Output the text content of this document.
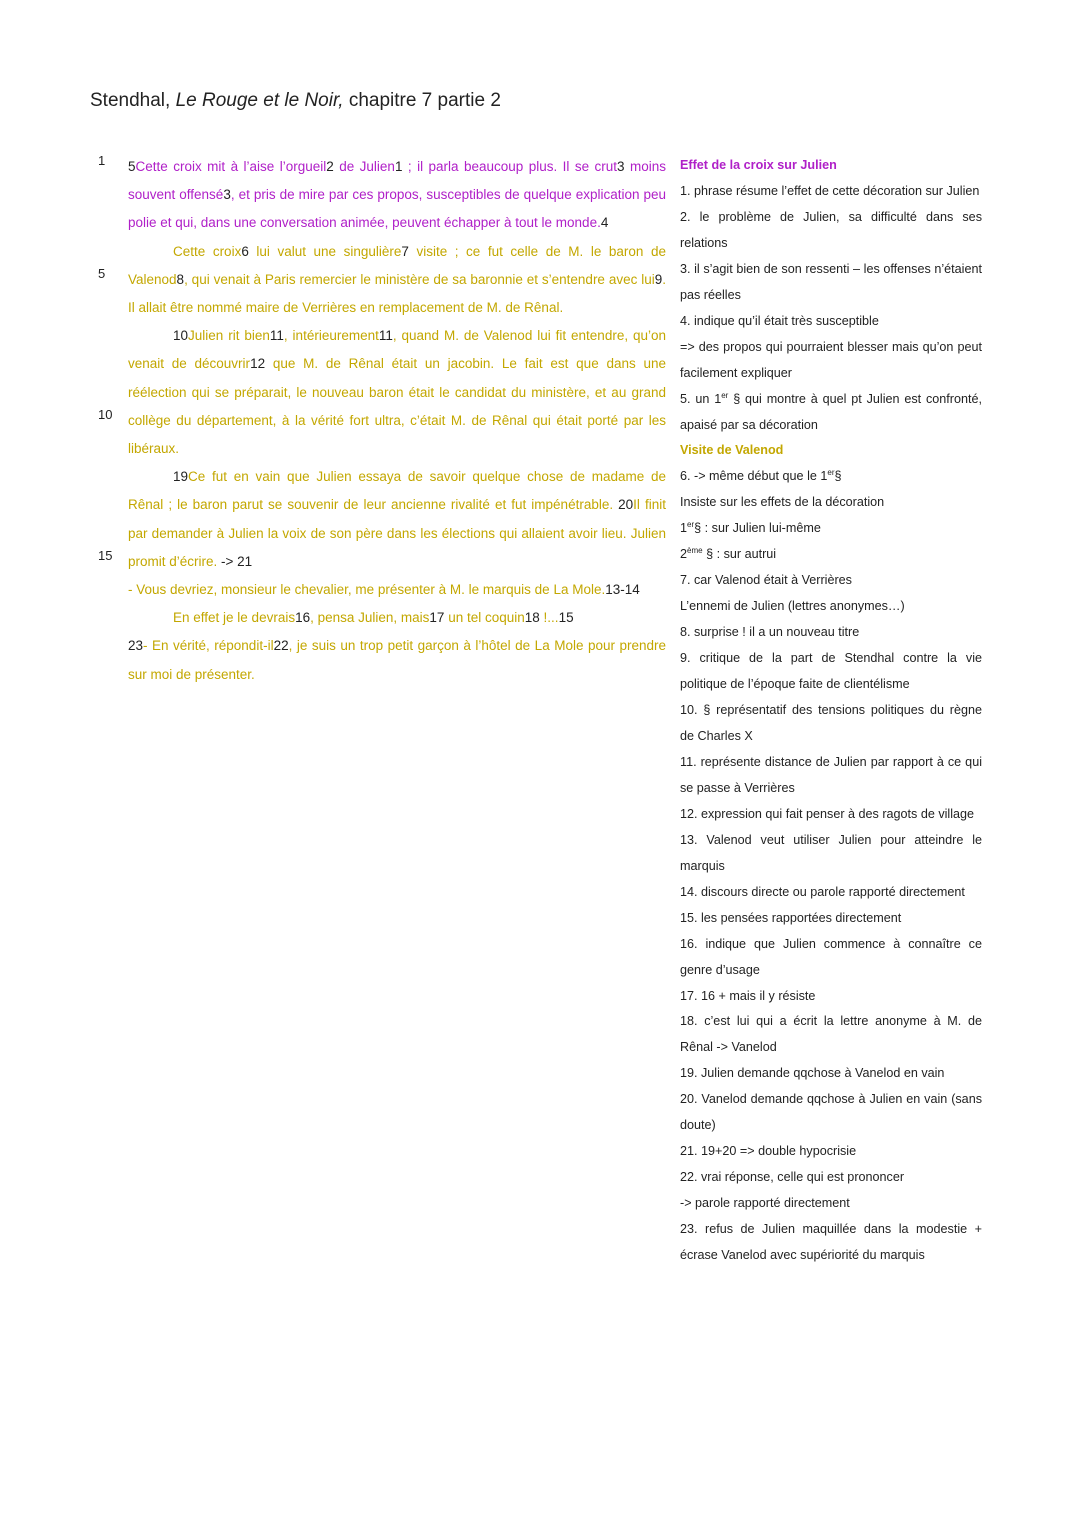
Stendhal, Le Rouge et le Noir, chapitre 7 partie 2
1
5
10
15

5Cette croix mit à l’aise l’orgueil2 de Julien1 ; il parla beaucoup plus. Il se crut3 moins souvent offensé3, et pris de mire par ces propos, susceptibles de quelque explication peu polie et qui, dans une conversation animée, peuvent échapper à tout le monde.4

Cette croix6 lui valut une singulière7 visite ; ce fut celle de M. le baron de Valenod8, qui venait à Paris remercier le ministère de sa baronnie et s’entendre avec lui9. Il allait être nommé maire de Verrières en remplacement de M. de Rênal.

10Julien rit bien11, intérieurement11, quand M. de Valenod lui fit entendre, qu’on venait de découvrir12 que M. de Rênal était un jacobin. Le fait est que dans une réélection qui se préparait, le nouveau baron était le candidat du ministère, et au grand collège du département, à la vérité fort ultra, c’était M. de Rênal qui était porté par les libéraux.

19Ce fut en vain que Julien essaya de savoir quelque chose de madame de Rênal ; le baron parut se souvenir de leur ancienne rivalité et fut impénétrable. 20Il finit par demander à Julien la voix de son père dans les élections qui allaient avoir lieu. Julien promit d’écrire. -> 21

- Vous devriez, monsieur le chevalier, me présenter à M. le marquis de La Mole.13-14

En effet je le devrais16, pensa Julien, mais17 un tel coquin18 !...15

23- En vérité, répondit-il22, je suis un trop petit garçon à l’hôtel de La Mole pour prendre sur moi de présenter.

Effet de la croix sur Julien

1. phrase résume l’effet de cette décoration sur Julien

2. le problème de Julien, sa difficulté dans ses relations

3. il s’agit bien de son ressenti – les offenses n’étaient pas réelles

4. indique qu’il était très susceptible

=> des propos qui pourraient blesser mais qu’on peut facilement expliquer

5. un 1er § qui montre à quel pt Julien est confronté, apaisé par sa décoration

Visite de Valenod

6. -> même début que le 1er§

Insiste sur les effets de la décoration

1er§ : sur Julien lui-même

2ème § : sur autrui

7. car Valenod était à Verrières

L’ennemi de Julien (lettres anonymes…)

8. surprise ! il a un nouveau titre

9. critique de la part de Stendhal contre la vie politique de l’époque faite de clientélisme

10. § représentatif des tensions politiques du règne de Charles X

11. représente distance de Julien par rapport à ce qui se passe à Verrières

12. expression qui fait penser à des ragots de village

13. Valenod veut utiliser Julien pour atteindre le marquis

14. discours directe ou parole rapporté directement

15. les pensées rapportées directement

16. indique que Julien commence à connaître ce genre d’usage

17. 16 + mais il y résiste

18. c’est lui qui a écrit la lettre anonyme à M. de Rênal -> Vanelod

19. Julien demande qqchose à Vanelod en vain

20. Vanelod demande qqchose à Julien en vain (sans doute)

21. 19+20 => double hypocrisie

22. vrai réponse, celle qui est prononcer

-> parole rapporté directement

23. refus de Julien maquillée dans la modestie + écrase Vanelod avec supériorité du marquis
